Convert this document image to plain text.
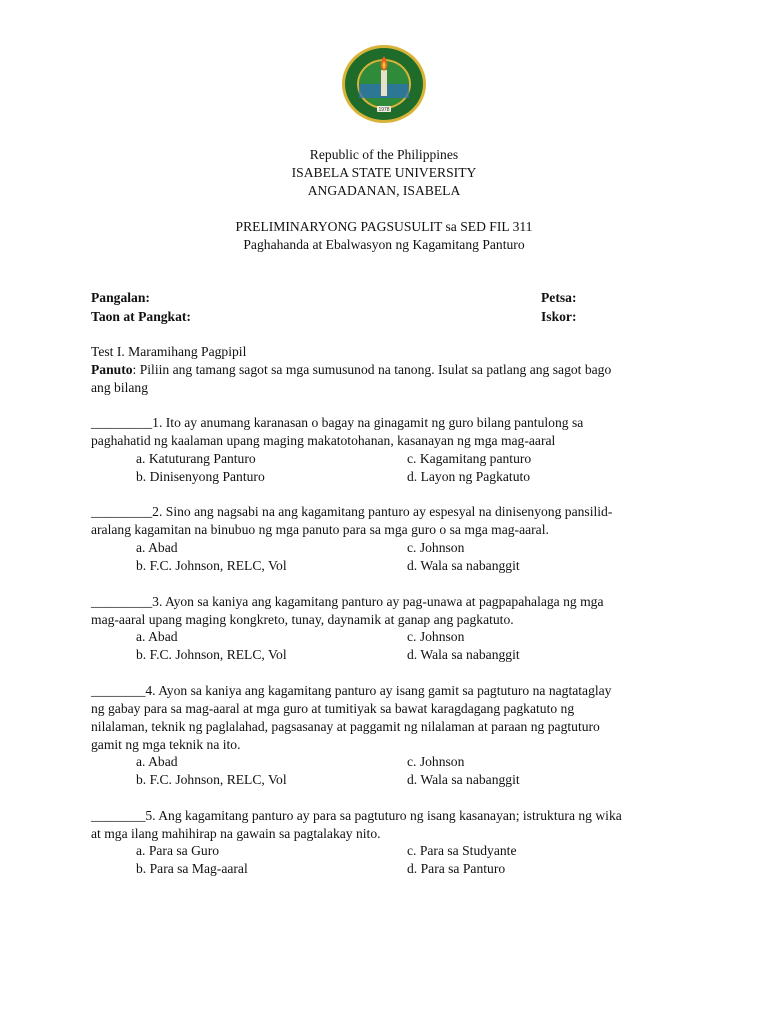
1978
Republic of the Philippines
ISABELA STATE UNIVERSITY
ANGADANAN, ISABELA
PRELIMINARYONG PAGSUSULIT sa SED FIL 311
Paghahanda at Ebalwasyon ng Kagamitang Panturo
Pangalan:	Petsa:
Taon at Pangkat:	Iskor:
Test I. Maramihang Pagpipil
Panuto: Piliin ang tamang sagot sa mga sumusunod na tanong. Isulat sa patlang ang sagot bago
ang bilang

_________1. Ito ay anumang karanasan o bagay na ginagamit ng guro bilang pantulong sa

paghahatid ng kaalaman upang maging makatotohanan, kasanayan ng mga mag-aaral

a. Katuturang Panturo	c. Kagamitang panturo
b. Dinisenyong Panturo	d. Layon ng Pagkatuto

_________2. Sino ang nagsabi na ang kagamitang panturo ay espesyal na dinisenyong pansilid-

aralang kagamitan na binubuo ng mga panuto para sa mga guro o sa mga mag-aaral.

a. Abad	c. Johnson
b. F.C. Johnson, RELC, Vol	d. Wala sa nabanggit

_________3. Ayon sa kaniya ang kagamitang panturo ay pag-unawa at pagpapahalaga ng mga

mag-aaral upang maging kongkreto, tunay, daynamik at ganap ang pagkatuto.

a. Abad	c. Johnson
b. F.C. Johnson, RELC, Vol	d. Wala sa nabanggit

________4. Ayon sa kaniya ang kagamitang panturo ay isang gamit sa pagtuturo na nagtataglay

ng gabay para sa mag-aaral at mga guro at tumitiyak sa bawat karagdagang pagkatuto ng

nilalaman, teknik ng paglalahad, pagsasanay at paggamit ng nilalaman at paraan ng pagtuturo

gamit ng mga teknik na ito.

a. Abad	c. Johnson
b. F.C. Johnson, RELC, Vol	d. Wala sa nabanggit

________5. Ang kagamitang panturo ay para sa pagtuturo ng isang kasanayan; istruktura ng wika

at mga ilang mahihirap na gawain sa pagtalakay nito.

a. Para sa Guro	c. Para sa Studyante
b. Para sa Mag-aaral	d. Para sa Panturo
